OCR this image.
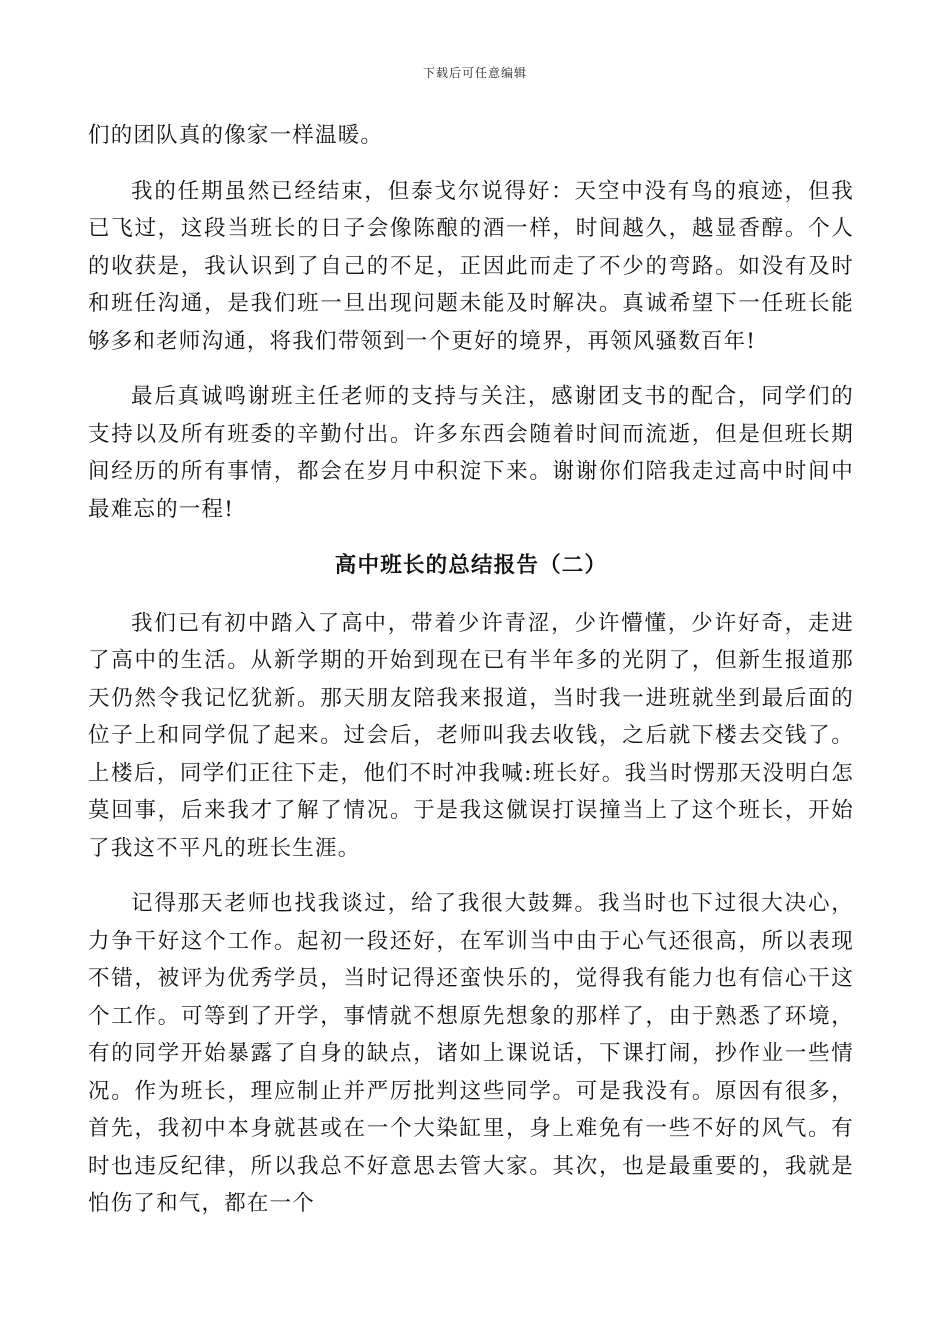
下载后可任意编辑

们的团队真的像家一样温暖。

我的任期虽然已经结束，但泰戈尔说得好：天空中没有鸟的痕迹，但我已飞过，这段当班长的日子会像陈酿的酒一样，时间越久，越显香醇。个人的收获是，我认识到了自己的不足，正因此而走了不少的弯路。如没有及时和班任沟通，是我们班一旦出现问题未能及时解决。真诚希望下一任班长能够多和老师沟通，将我们带领到一个更好的境界，再领风骚数百年!

最后真诚鸣谢班主任老师的支持与关注，感谢团支书的配合，同学们的支持以及所有班委的辛勤付出。许多东西会随着时间而流逝，但是但班长期间经历的所有事情，都会在岁月中积淀下来。谢谢你们陪我走过高中时间中最难忘的一程!

高中班长的总结报告（二）

我们已有初中踏入了高中，带着少许青涩，少许懵懂，少许好奇，走进了高中的生活。从新学期的开始到现在已有半年多的光阴了，但新生报道那天仍然令我记忆犹新。那天朋友陪我来报道，当时我一进班就坐到最后面的位子上和同学侃了起来。过会后，老师叫我去收钱，之后就下楼去交钱了。上楼后，同学们正往下走，他们不时冲我喊:班长好。我当时愣那天没明白怎莫回事，后来我才了解了情况。于是我这僦误打误撞当上了这个班长，开始了我这不平凡的班长生涯。

记得那天老师也找我谈过，给了我很大鼓舞。我当时也下过很大决心，力争干好这个工作。起初一段还好，在军训当中由于心气还很高，所以表现不错，被评为优秀学员，当时记得还蛮快乐的，觉得我有能力也有信心干这个工作。可等到了开学，事情就不想原先想象的那样了，由于熟悉了环境，有的同学开始暴露了自身的缺点，诸如上课说话，下课打闹，抄作业一些情况。作为班长，理应制止并严厉批判这些同学。可是我没有。原因有很多，首先，我初中本身就甚或在一个大染缸里，身上难免有一些不好的风气。有时也违反纪律，所以我总不好意思去管大家。其次，也是最重要的，我就是怕伤了和气，都在一个
